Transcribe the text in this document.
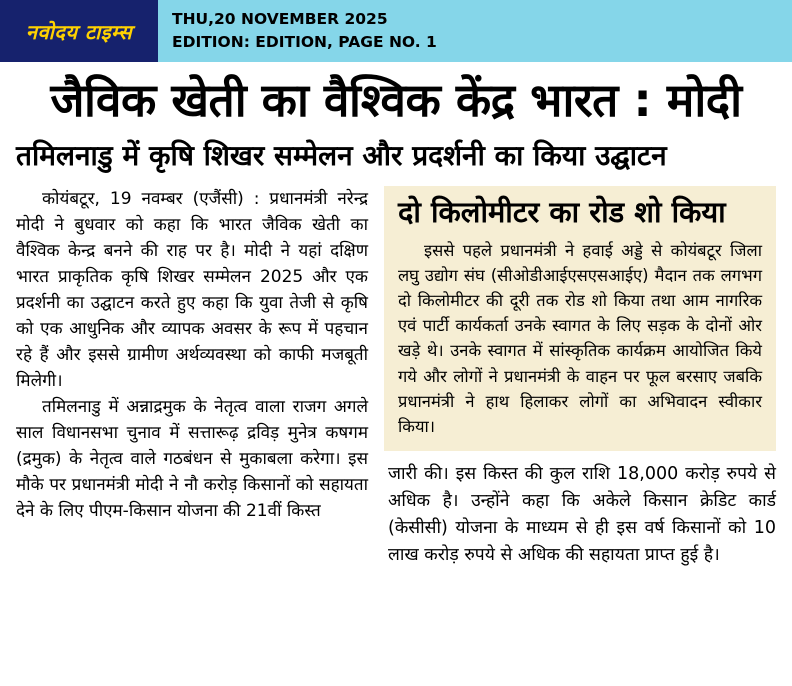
नवोदय टाइम्स
THU,20 NOVEMBER 2025
EDITION: EDITION, PAGE NO. 1
जैविक खेती का वैश्विक केंद्र भारत : मोदी
तमिलनाडु में कृषि शिखर सम्मेलन और प्रदर्शनी का किया उद्घाटन

कोयंबटूर, 19 नवम्बर (एजैंसी) : प्रधानमंत्री नरेन्द्र मोदी ने बुधवार को कहा कि भारत जैविक खेती का वैश्विक केन्द्र बनने की राह पर है। मोदी ने यहां दक्षिण भारत प्राकृतिक कृषि शिखर सम्मेलन 2025 और एक प्रदर्शनी का उद्घाटन करते हुए कहा कि युवा तेजी से कृषि को एक आधुनिक और व्यापक अवसर के रूप में पहचान रहे हैं और इससे ग्रामीण अर्थव्यवस्था को काफी मजबूती मिलेगी।

तमिलनाडु में अन्नाद्रमुक के नेतृत्व वाला राजग अगले साल विधानसभा चुनाव में सत्तारूढ़ द्रविड़ मुनेत्र कषगम (द्रमुक) के नेतृत्व वाले गठबंधन से मुकाबला करेगा। इस मौके पर प्रधानमंत्री मोदी ने नौ करोड़ किसानों को सहायता देने के लिए पीएम-किसान योजना की 21वीं किस्त

दो किलोमीटर का रोड शो किया

इससे पहले प्रधानमंत्री ने हवाई अड्डे से कोयंबटूर जिला लघु उद्योग संघ (सीओडीआईएसएसआईए) मैदान तक लगभग दो किलोमीटर की दूरी तक रोड शो किया तथा आम नागरिक एवं पार्टी कार्यकर्ता उनके स्वागत के लिए सड़क के दोनों ओर खड़े थे। उनके स्वागत में सांस्कृतिक कार्यक्रम आयोजित किये गये और लोगों ने प्रधानमंत्री के वाहन पर फूल बरसाए जबकि प्रधानमंत्री ने हाथ हिलाकर लोगों का अभिवादन स्वीकार किया।

जारी की। इस किस्त की कुल राशि 18,000 करोड़ रुपये से अधिक है। उन्होंने कहा कि अकेले किसान क्रेडिट कार्ड (केसीसी) योजना के माध्यम से ही इस वर्ष किसानों को 10 लाख करोड़ रुपये से अधिक की सहायता प्राप्त हुई है।
